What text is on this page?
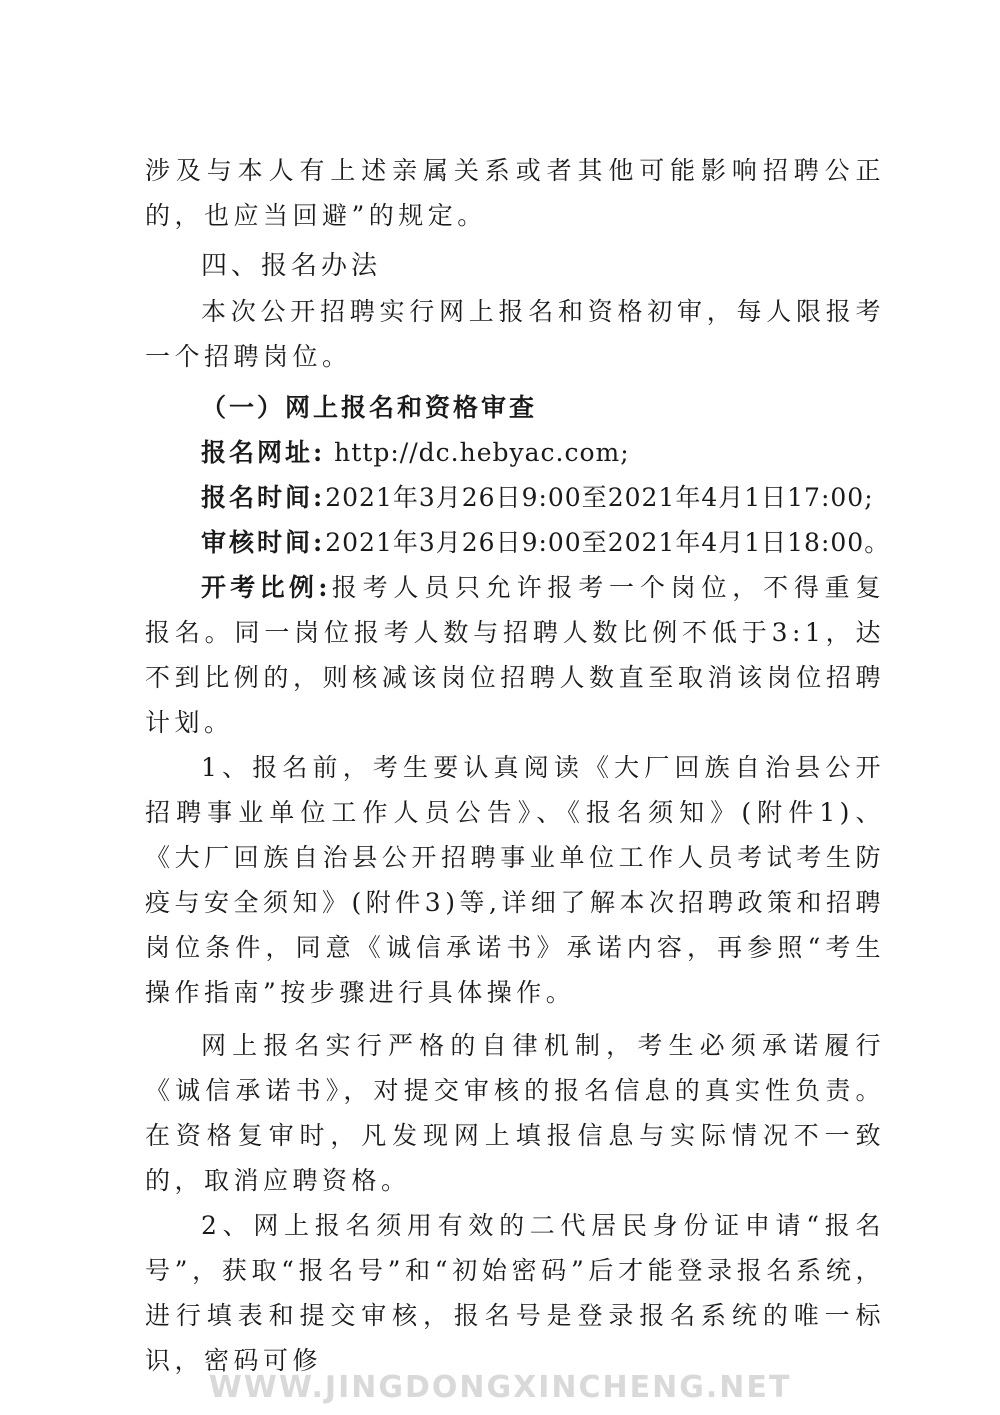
涉及与本人有上述亲属关系或者其他可能影响招聘公正的，也应当回避”的规定。

四、报名办法

本次公开招聘实行网上报名和资格初审，每人限报考一个招聘岗位。

（一）网上报名和资格审查

报名网址: http://dc.hebyac.com;

报名时间:2021年3月26日9:00至2021年4月1日17:00;

审核时间:2021年3月26日9:00至2021年4月1日18:00。

开考比例:报考人员只允许报考一个岗位，不得重复报名。同一岗位报考人数与招聘人数比例不低于3:1，达不到比例的，则核减该岗位招聘人数直至取消该岗位招聘计划。

1、报名前，考生要认真阅读《大厂回族自治县公开招聘事业单位工作人员公告》、《报名须知》(附件1)、《大厂回族自治县公开招聘事业单位工作人员考试考生防疫与安全须知》(附件3)等,详细了解本次招聘政策和招聘岗位条件，同意《诚信承诺书》承诺内容，再参照“考生操作指南”按步骤进行具体操作。

网上报名实行严格的自律机制，考生必须承诺履行《诚信承诺书》，对提交审核的报名信息的真实性负责。在资格复审时，凡发现网上填报信息与实际情况不一致的，取消应聘资格。

2、网上报名须用有效的二代居民身份证申请“报名号”，获取“报名号”和“初始密码”后才能登录报名系统，进行填表和提交审核，报名号是登录报名系统的唯一标识，密码可修

WWW.JINGDONGXINCHENG.NET
